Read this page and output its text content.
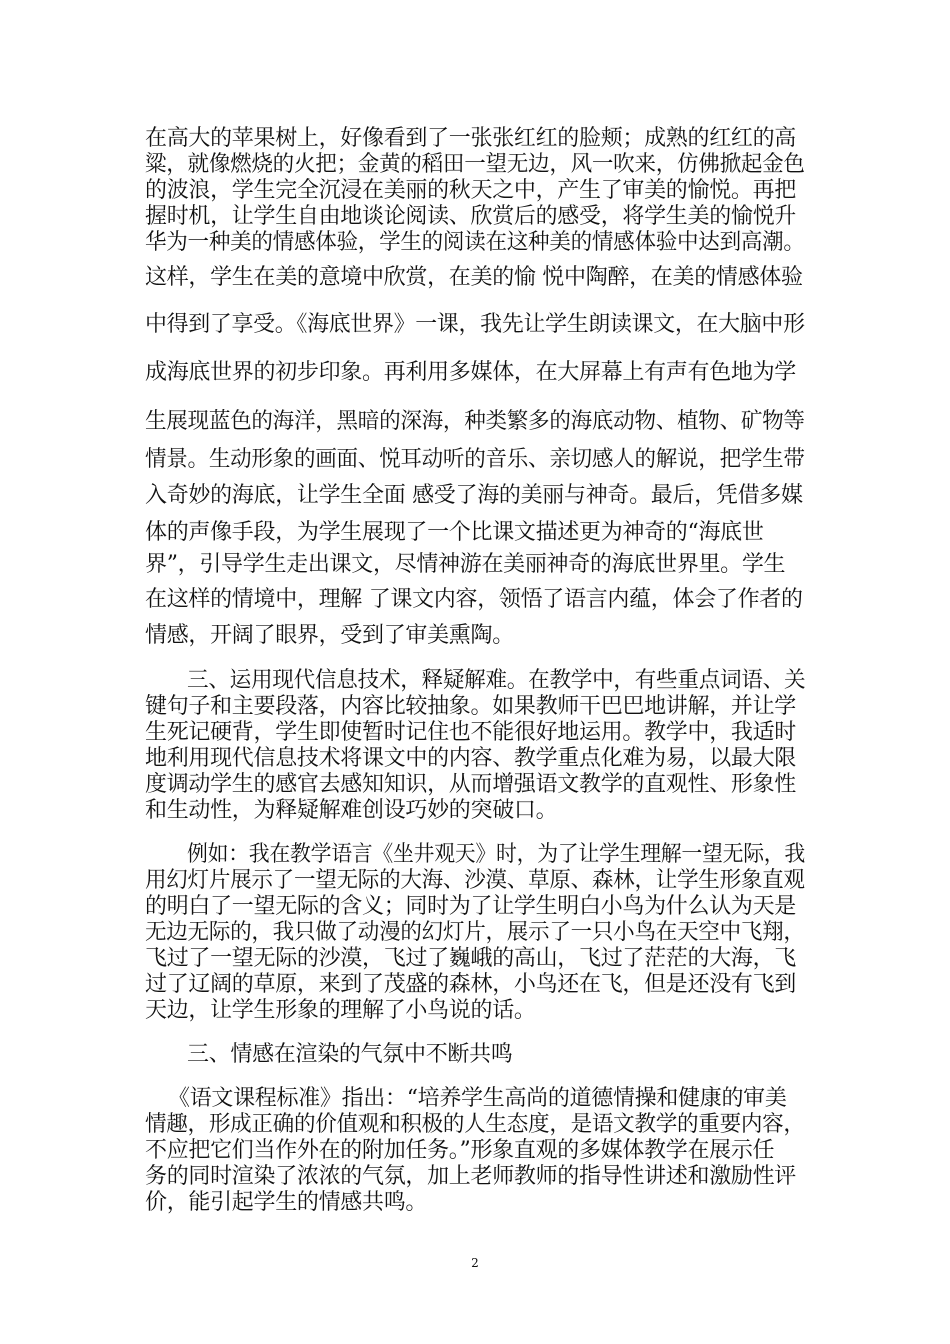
在高大的苹果树上，好像看到了一张张红红的脸颊；成熟的红红的高
粱，就像燃烧的火把；金黄的稻田一望无边，风一吹来，仿佛掀起金色
的波浪，学生完全沉浸在美丽的秋天之中，产生了审美的愉悦。再把
握时机，让学生自由地谈论阅读、欣赏后的感受，将学生美的愉悦升
华为一种美的情感体验，学生的阅读在这种美的情感体验中达到高潮。
这样，学生在美的意境中欣赏，在美的愉 悦中陶醉，在美的情感体验
中得到了享受。《海底世界》一课，我先让学生朗读课文，在大脑中形
成海底世界的初步印象。再利用多媒体，在大屏幕上有声有色地为学
生展现蓝色的海洋，黑暗的深海，种类繁多的海底动物、植物、矿物等
情景。生动形象的画面、悦耳动听的音乐、亲切感人的解说，把学生带
入奇妙的海底，让学生全面 感受了海的美丽与神奇。最后，凭借多媒
体的声像手段，为学生展现了一个比课文描述更为神奇的“海底世
界”，引导学生走出课文，尽情神游在美丽神奇的海底世界里。学生
在这样的情境中，理解 了课文内容，领悟了语言内蕴，体会了作者的
情感，开阔了眼界，受到了审美熏陶。
三、运用现代信息技术，释疑解难。在教学中，有些重点词语、关
键句子和主要段落，内容比较抽象。如果教师干巴巴地讲解，并让学
生死记硬背，学生即使暂时记住也不能很好地运用。教学中，我适时
地利用现代信息技术将课文中的内容、教学重点化难为易，以最大限
度调动学生的感官去感知知识，从而增强语文教学的直观性、形象性
和生动性，为释疑解难创设巧妙的突破口。
例如：我在教学语言《坐井观天》时，为了让学生理解一望无际，我
用幻灯片展示了一望无际的大海、沙漠、草原、森林，让学生形象直观
的明白了一望无际的含义；同时为了让学生明白小鸟为什么认为天是
无边无际的，我只做了动漫的幻灯片，展示了一只小鸟在天空中飞翔，
飞过了一望无际的沙漠，飞过了巍峨的高山，飞过了茫茫的大海，飞
过了辽阔的草原，来到了茂盛的森林，小鸟还在飞，但是还没有飞到
天边，让学生形象的理解了小鸟说的话。
三、情感在渲染的气氛中不断共鸣
《语文课程标准》指出：“培养学生高尚的道德情操和健康的审美
情趣，形成正确的价值观和积极的人生态度，是语文教学的重要内容，
不应把它们当作外在的附加任务。”形象直观的多媒体教学在展示任
务的同时渲染了浓浓的气氛，加上老师教师的指导性讲述和激励性评
价，能引起学生的情感共鸣。
2
